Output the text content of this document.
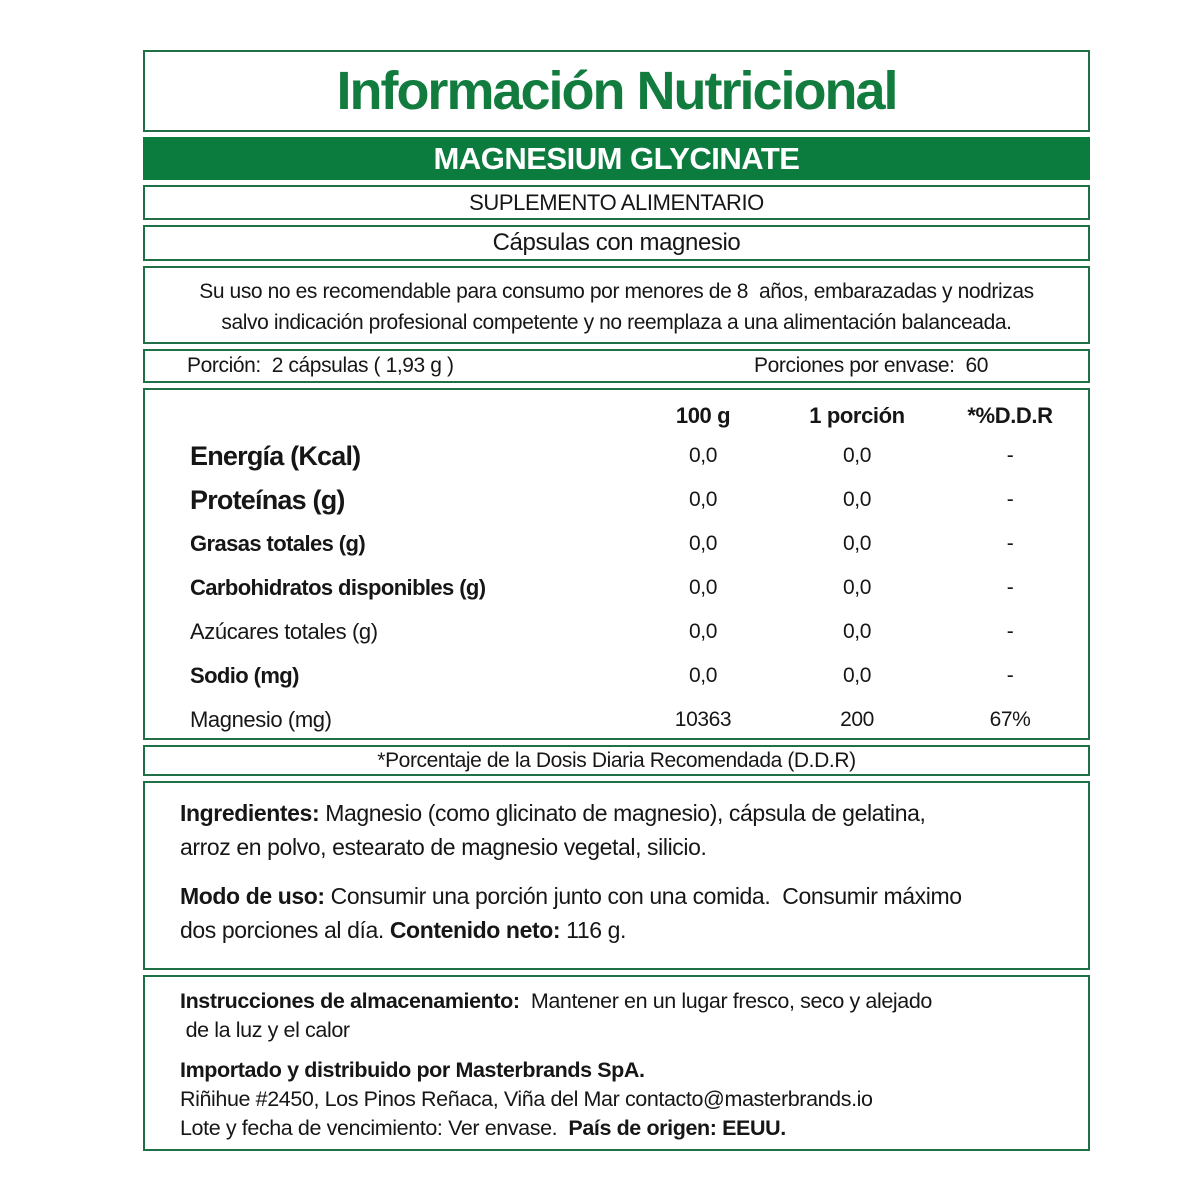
Información Nutricional
MAGNESIUM GLYCINATE
SUPLEMENTO ALIMENTARIO
Cápsulas con magnesio
Su uso no es recomendable para consumo por menores de 8  años, embarazadas y nodrizas
salvo indicación profesional competente y no reemplaza a una alimentación balanceada.
Porción:  2 cápsulas ( 1,93 g )	Porciones por envase:  60
100 g	1 porción	*%D.D.R
Energía (Kcal)	0,0	0,0	-
Proteínas (g)	0,0	0,0	-
Grasas totales (g)	0,0	0,0	-
Carbohidratos disponibles (g)	0,0	0,0	-
Azúcares totales (g)	0,0	0,0	-
Sodio (mg)	0,0	0,0	-
Magnesio (mg)	10363	200	67%
*Porcentaje de la Dosis Diaria Recomendada (D.D.R)
Ingredientes: Magnesio (como glicinato de magnesio), cápsula de gelatina,
arroz en polvo, estearato de magnesio vegetal, silicio.
Modo de uso: Consumir una porción junto con una comida.  Consumir máximo
dos porciones al día. Contenido neto: 116 g.
Instrucciones de almacenamiento:  Mantener en un lugar fresco, seco y alejado
de la luz y el calor
Importado y distribuido por Masterbrands SpA.
Riñihue #2450, Los Pinos Reñaca, Viña del Mar contacto@masterbrands.io
Lote y fecha de vencimiento: Ver envase.  País de origen: EEUU.
